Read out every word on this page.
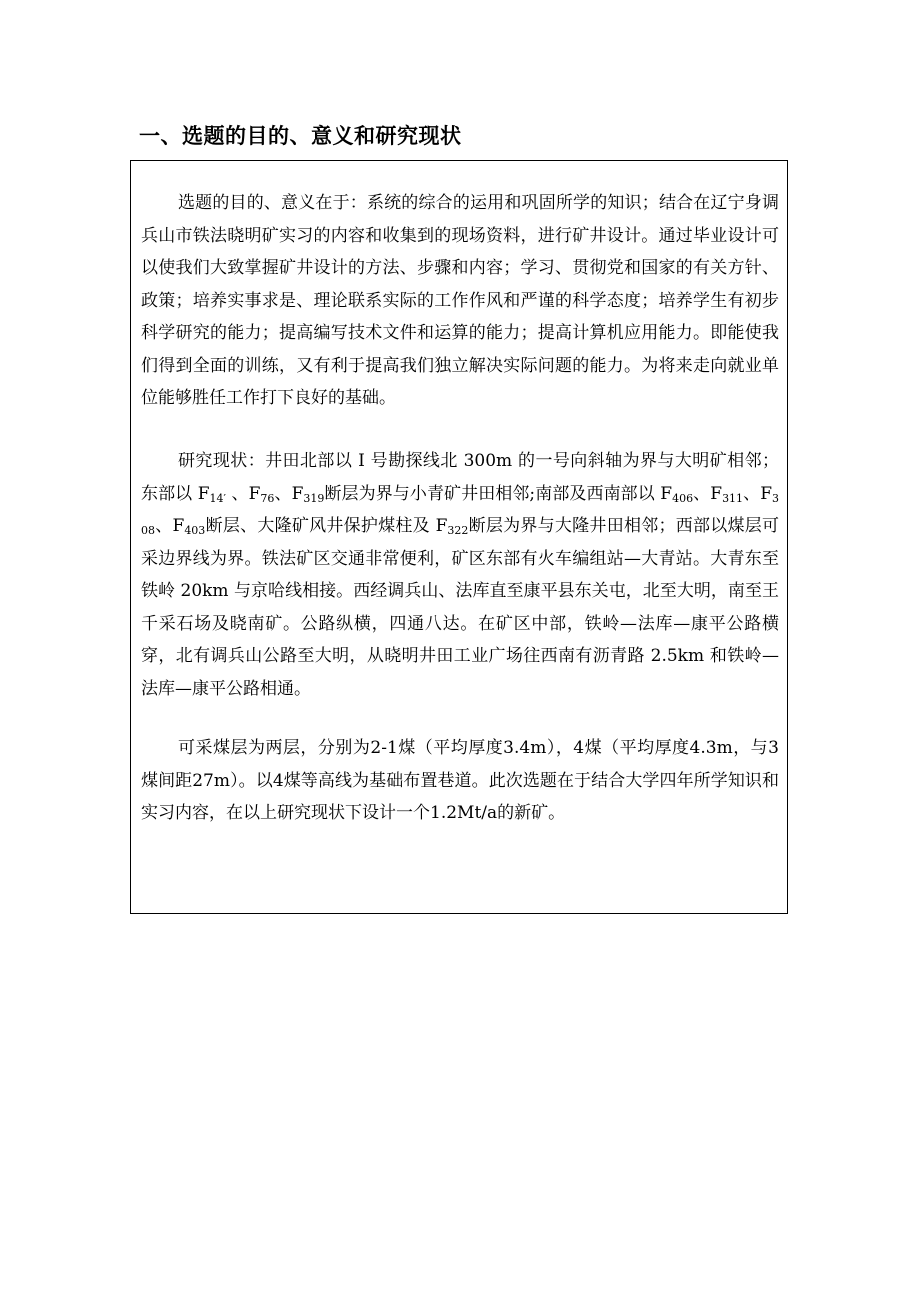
一、选题的目的、意义和研究现状

选题的目的、意义在于：系统的综合的运用和巩固所学的知识；结合在辽宁身调兵山市铁法晓明矿实习的内容和收集到的现场资料，进行矿井设计。通过毕业设计可以使我们大致掌握矿井设计的方法、步骤和内容；学习、贯彻党和国家的有关方针、政策；培养实事求是、理论联系实际的工作作风和严谨的科学态度；培养学生有初步科学研究的能力；提高编写技术文件和运算的能力；提高计算机应用能力。即能使我们得到全面的训练，又有利于提高我们独立解决实际问题的能力。为将来走向就业单位能够胜任工作打下良好的基础。

研究现状：井田北部以 I 号勘探线北 300m 的一号向斜轴为界与大明矿相邻；东部以 $F_{14'}$ 、$F_{76}$、$F_{319}$断层为界与小青矿井田相邻;南部及西南部以 $F_{406}$、$F_{311}$、$F_{308}$、$F_{403}$断层、大隆矿风井保护煤柱及 $F_{322}$断层为界与大隆井田相邻；西部以煤层可采边界线为界。铁法矿区交通非常便利，矿区东部有火车编组站—大青站。大青东至铁岭 20km 与京哈线相接。西经调兵山、法库直至康平县东关屯，北至大明，南至王千采石场及晓南矿。公路纵横，四通八达。在矿区中部，铁岭—法库—康平公路横穿，北有调兵山公路至大明，从晓明井田工业广场往西南有沥青路 2.5km 和铁岭—法库—康平公路相通。

可采煤层为两层，分别为2-1煤（平均厚度3.4m），4煤（平均厚度4.3m，与3煤间距27m）。以4煤等高线为基础布置巷道。此次选题在于结合大学四年所学知识和实习内容，在以上研究现状下设计一个1.2Mt/a的新矿。
